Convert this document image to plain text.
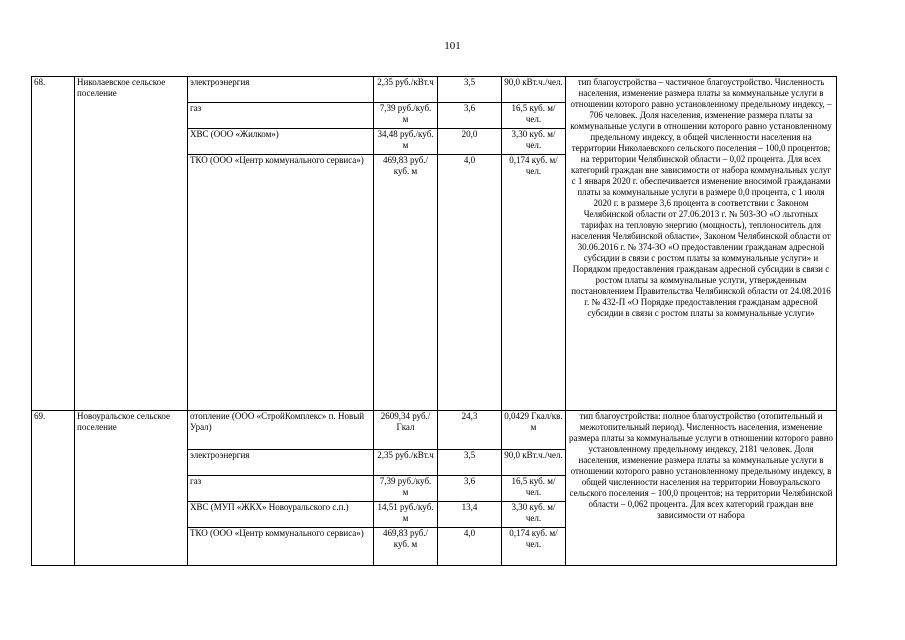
101
68.	Николаевское сельское поселение	электроэнергия	2,35 руб./кВт.ч	3,5	90,0 кВт.ч./чел.	тип благоустройства – частичное благоустройство. Численность населения, изменение размера платы за коммунальные услуги в отношении которого равно установленному предельному индексу, – 706 человек. Доля населения, изменение размера платы за коммунальные услуги в отношении которого равно установленному предельному индексу, в общей численности населения на территории Николаевского сельского поселения – 100,0 процентов; на территории Челябинской области – 0,02 процента. Для всех категорий граждан вне зависимости от набора коммунальных услуг с 1 января 2020 г. обеспечивается изменение вносимой гражданами платы за коммунальные услуги в размере 0,0 процента, с 1 июля 2020 г. в размере 3,6 процента в соответствии с Законом Челябинской области от 27.06.2013 г. № 503-ЗО «О льготных тарифах на тепловую энергию (мощность), теплоноситель для населения Челябинской области», Законом Челябинской области от 30.06.2016 г. № 374-ЗО «О предоставлении гражданам адресной субсидии в связи с ростом платы за коммунальные услуги» и Порядком предоставления гражданам адресной субсидии в связи с ростом платы за коммунальные услуги, утвержденным постановлением Правительства Челябинской области от 24.08.2016 г. № 432-П «О Порядке предоставления гражданам адресной субсидии в связи с ростом платы за коммунальные услуги»
		газ	7,39 руб./куб. м	3,6	16,5 куб. м/чел.	
		ХВС (ООО «Жилком»)	34,48 руб./куб. м	20,0	3,30 куб. м/чел.	
		ТКО (ООО «Центр коммунального сервиса»)	469,83 руб./куб. м	4,0	0,174 куб. м/чел.	
69.	Новоуральское сельское поселение	отопление (ООО «СтройКомплекс» п. Новый Урал)	2609,34 руб./Гкал	24,3	0,0429 Гкал/кв. м	тип благоустройства: полное благоустройство (отопительный и межотопительный период). Численность населения, изменение размера платы за коммунальные услуги в отношении которого равно установленному предельному индексу, 2181 человек. Доля населения, изменение размера платы за коммунальные услуги в отношении которого равно установленному предельному индексу, в общей численности населения на территории Новоуральского сельского поселения – 100,0 процентов; на территории Челябинской области – 0,062 процента. Для всех категорий граждан вне зависимости от набора
		электроэнергия	2,35 руб./кВт.ч	3,5	90,0 кВт.ч./чел.	
		газ	7,39 руб./куб. м	3,6	16,5 куб. м/чел.	
		ХВС (МУП «ЖКХ» Новоуральского с.п.)	14,51 руб./куб. м	13,4	3,30 куб. м/чел.	
		ТКО (ООО «Центр коммунального сервиса»)	469,83 руб./куб. м	4,0	0,174 куб. м/чел.	
